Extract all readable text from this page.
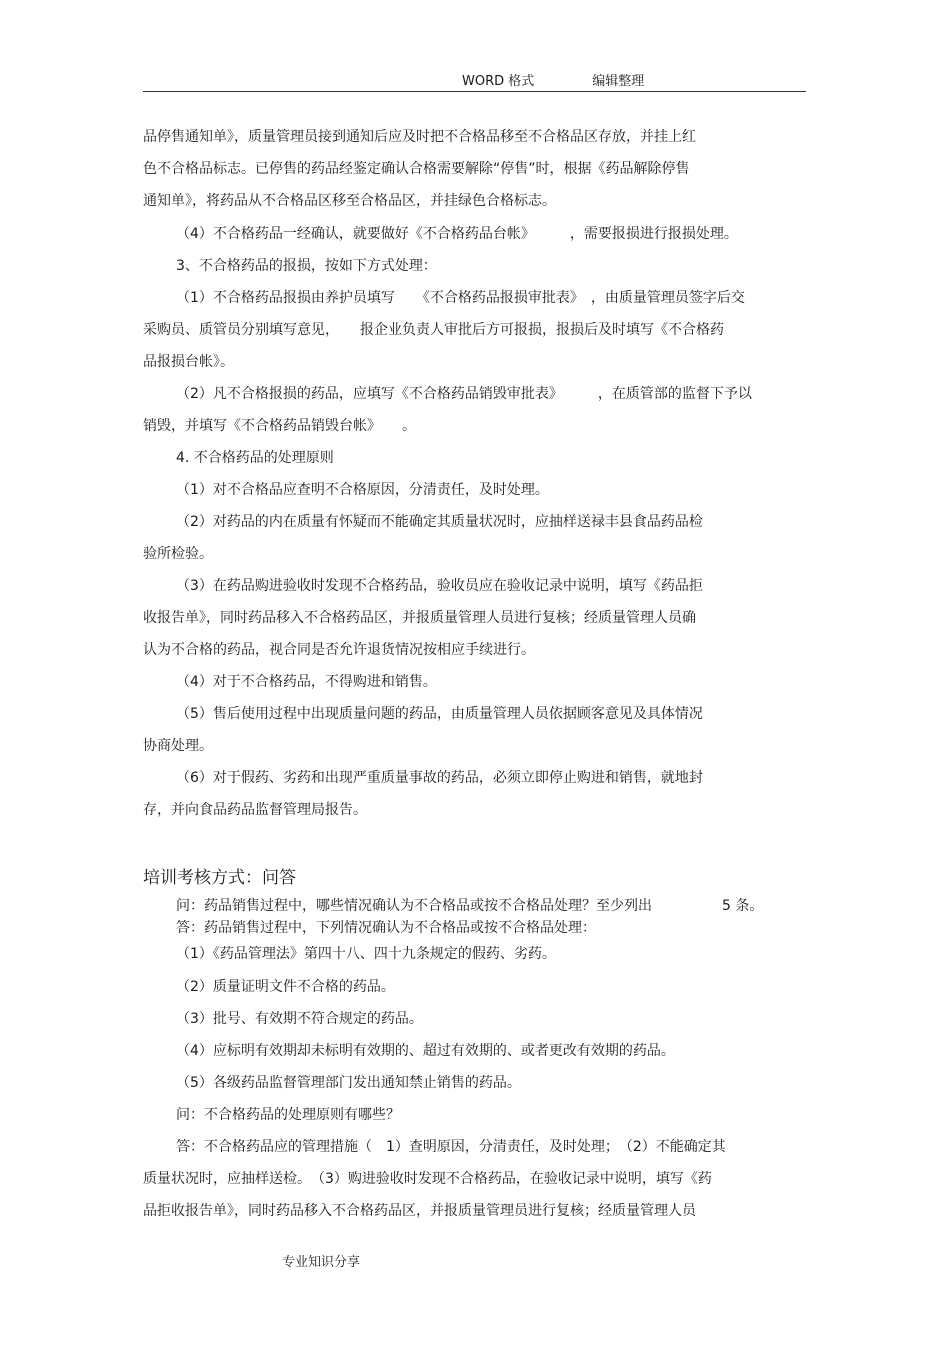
WORD 格式	编辑整理
品停售通知单》，质量管理员接到通知后应及时把不合格品移至不合格品区存放，并挂上红
色不合格品标志。已停售的药品经鉴定确认合格需要解除“停售”时，根据《药品解除停售
通知单》，将药品从不合格品区移至合格品区，并挂绿色合格标志。
（4）不合格药品一经确认，就要做好《不合格药品台帐》　　　，需要报损进行报损处理。
3、不合格药品的报损，按如下方式处理：
（1）不合格药品报损由养护员填写　　《不合格药品报损审批表》　，由质量管理员签字后交
采购员、质管员分别填写意见，　　报企业负责人审批后方可报损，报损后及时填写《不合格药
品报损台帐》。
（2）凡不合格报损的药品，应填写《不合格药品销毁审批表》　　　，在质管部的监督下予以
销毁，并填写《不合格药品销毁台帐》　　。
4. 不合格药品的处理原则
（1）对不合格品应查明不合格原因，分清责任，及时处理。
（2）对药品的内在质量有怀疑而不能确定其质量状况时，应抽样送禄丰县食品药品检
验所检验。
（3）在药品购进验收时发现不合格药品，验收员应在验收记录中说明，填写《药品拒
收报告单》，同时药品移入不合格药品区，并报质量管理人员进行复核；经质量管理人员确
认为不合格的药品，视合同是否允许退货情况按相应手续进行。
（4）对于不合格药品，不得购进和销售。
（5）售后使用过程中出现质量问题的药品，由质量管理人员依据顾客意见及具体情况
协商处理。
（6）对于假药、劣药和出现严重质量事故的药品，必须立即停止购进和销售，就地封
存，并向食品药品监督管理局报告。
培训考核方式：问答
问：药品销售过程中，哪些情况确认为不合格品或按不合格品处理？至少列出　　　　　5 条。
答：药品销售过程中，下列情况确认为不合格品或按不合格品处理：
（1）《药品管理法》第四十八、四十九条规定的假药、劣药。
（2）质量证明文件不合格的药品。
（3）批号、有效期不符合规定的药品。
（4）应标明有效期却未标明有效期的、超过有效期的、或者更改有效期的药品。
（5）各级药品监督管理部门发出通知禁止销售的药品。
问：不合格药品的处理原则有哪些？
答：不合格药品应的管理措施（　1）查明原因，分清责任，及时处理；　（2）不能确定其
质量状况时，应抽样送检。　（3）购进验收时发现不合格药品，在验收记录中说明，填写《药
品拒收报告单》，同时药品移入不合格药品区，并报质量管理员进行复核；经质量管理人员
专业知识分享
